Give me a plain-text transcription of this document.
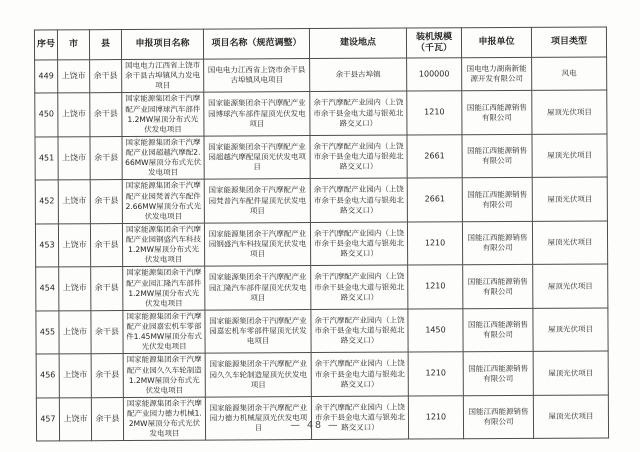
序号	市	县	申报项目名称	项目名称（规范调整）	建设地点	装机规模（千瓦）	申报单位	项目类型
449	上饶市	余干县	国电电力江西省上饶市余干县古埠镇风力发电项目	国电电力江西省上饶市余干县古埠镇风电项目	余干县古埠镇	100000	国电电力湖南新能源开发有限公司	风电
450	上饶市	余干县	国家能源集团余干汽摩配产业园博球汽车部件1.2MW屋顶分布式光伏发电项目	国家能源集团余干汽摩配产业园博球汽车部件屋顶光伏发电项目	余干汽摩配产业园内（上饶市余干县金电大道与银苑北路交叉口）	1210	国能江西能源销售有限公司	屋顶光伏项目
451	上饶市	余干县	国家能源集团余干汽摩配产业园超越汽摩配2.66MW屋顶分布式光伏发电项目	国家能源集团余干汽摩配产业园超越汽摩配屋顶光伏发电项目	余干汽摩配产业园内（上饶市余干县金电大道与银苑北路交叉口）	2661	国能江西能源销售有限公司	屋顶光伏项目
452	上饶市	余干县	国家能源集团余干汽摩配产业园梵普汽车配件2.66MW屋顶分布式光伏发电项目	国家能源集团余干汽摩配产业园梵普汽车配件屋顶光伏发电项目	余干汽摩配产业园内（上饶市余干县金电大道与银苑北路交叉口）	2661	国能江西能源销售有限公司	屋顶光伏项目
453	上饶市	余干县	国家能源集团余干汽摩配产业园钢盛汽车科技1.2MW屋顶分布式光伏发电项目	国家能源集团余干汽摩配产业园钢盛汽车科技屋顶光伏发电项目	余干汽摩配产业园内（上饶市余干县金电大道与银苑北路交叉口）	1210	国能江西能源销售有限公司	屋顶光伏项目
454	上饶市	余干县	国家能源集团余干汽摩配产业园汇隆汽车部件1.2MW屋顶分布式光伏发电项目	国家能源集团余干汽摩配产业园汇隆汽车部件屋顶光伏发电项目	余干汽摩配产业园内（上饶市余干县金电大道与银苑北路交叉口）	1210	国能江西能源销售有限公司	屋顶光伏项目
455	上饶市	余干县	国家能源集团余干汽摩配产业园嘉宏机车零部件1.45MW屋顶分布式光伏发电项目	国家能源集团余干汽摩配产业园嘉宏机车零部件屋顶光伏发电项目	余干汽摩配产业园内（上饶市余干县金电大道与银苑北路交叉口）	1450	国能江西能源销售有限公司	屋顶光伏项目
456	上饶市	余干县	国家能源集团余干汽摩配产业园久久车轮制造1.2MW屋顶分布式光伏发电项目	国家能源集团余干汽摩配产业园久久车轮制造屋顶光伏发电项目	余干汽摩配产业园内（上饶市余干县金电大道与银苑北路交叉口）	1210	国能江西能源销售有限公司	屋顶光伏项目
457	上饶市	余干县	国家能源集团余干汽摩配产业园力德力机械1.2MW屋顶分布式光伏发电项目	国家能源集团余干汽摩配产业园力德力机械屋顶光伏发电项目	余干汽摩配产业园内（上饶市余干县金电大道与银苑北路交叉口）	1210	国能江西能源销售有限公司	屋顶光伏项目
— 48 —
